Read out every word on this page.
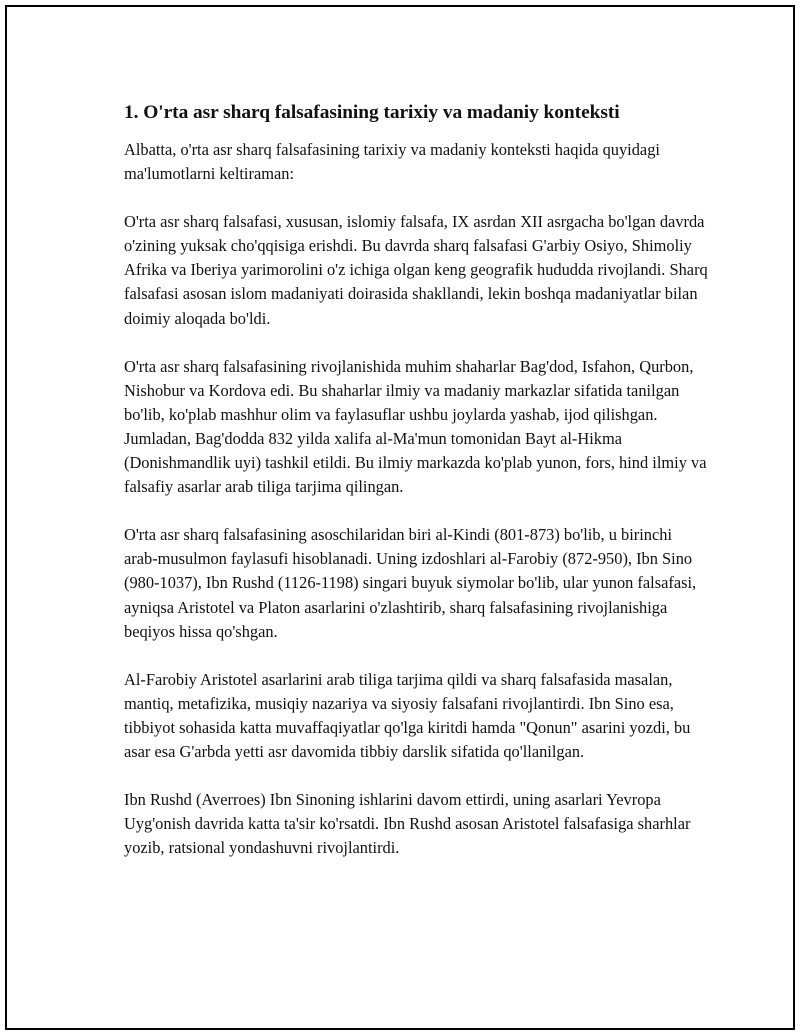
1. O'rta asr sharq falsafasining tarixiy va madaniy konteksti

Albatta, o'rta asr sharq falsafasining tarixiy va madaniy konteksti haqida quyidagi ma'lumotlarni keltiraman:

O'rta asr sharq falsafasi, xususan, islomiy falsafa, IX asrdan XII asrgacha bo'lgan davrda o'zining yuksak cho'qqisiga erishdi. Bu davrda sharq falsafasi G'arbiy Osiyo, Shimoliy Afrika va Iberiya yarimorolini o'z ichiga olgan keng geografik hududda rivojlandi. Sharq falsafasi asosan islom madaniyati doirasida shakllandi, lekin boshqa madaniyatlar bilan doimiy aloqada bo'ldi.

O'rta asr sharq falsafasining rivojlanishida muhim shaharlar Bag'dod, Isfahon, Qurbon, Nishobur va Kordova edi. Bu shaharlar ilmiy va madaniy markazlar sifatida tanilgan bo'lib, ko'plab mashhur olim va faylasuflar ushbu joylarda yashab, ijod qilishgan. Jumladan, Bag'dodda 832 yilda xalifa al-Ma'mun tomonidan Bayt al-Hikma (Donishmandlik uyi) tashkil etildi. Bu ilmiy markazda ko'plab yunon, fors, hind ilmiy va falsafiy asarlar arab tiliga tarjima qilingan.

O'rta asr sharq falsafasining asoschilaridan biri al-Kindi (801-873) bo'lib, u birinchi arab-musulmon faylasufi hisoblanadi. Uning izdoshlari al-Farobiy (872-950), Ibn Sino (980-1037), Ibn Rushd (1126-1198) singari buyuk siymolar bo'lib, ular yunon falsafasi, ayniqsa Aristotel va Platon asarlarini o'zlashtirib, sharq falsafasining rivojlanishiga beqiyos hissa qo'shgan.

Al-Farobiy Aristotel asarlarini arab tiliga tarjima qildi va sharq falsafasida masalan, mantiq, metafizika, musiqiy nazariya va siyosiy falsafani rivojlantirdi. Ibn Sino esa, tibbiyot sohasida katta muvaffaqiyatlar qo'lga kiritdi hamda "Qonun" asarini yozdi, bu asar esa G'arbda yetti asr davomida tibbiy darslik sifatida qo'llanilgan.

Ibn Rushd (Averroes) Ibn Sinoning ishlarini davom ettirdi, uning asarlari Yevropa Uyg'onish davrida katta ta'sir ko'rsatdi. Ibn Rushd asosan Aristotel falsafasiga sharhlar yozib, ratsional yondashuvni rivojlantirdi.
